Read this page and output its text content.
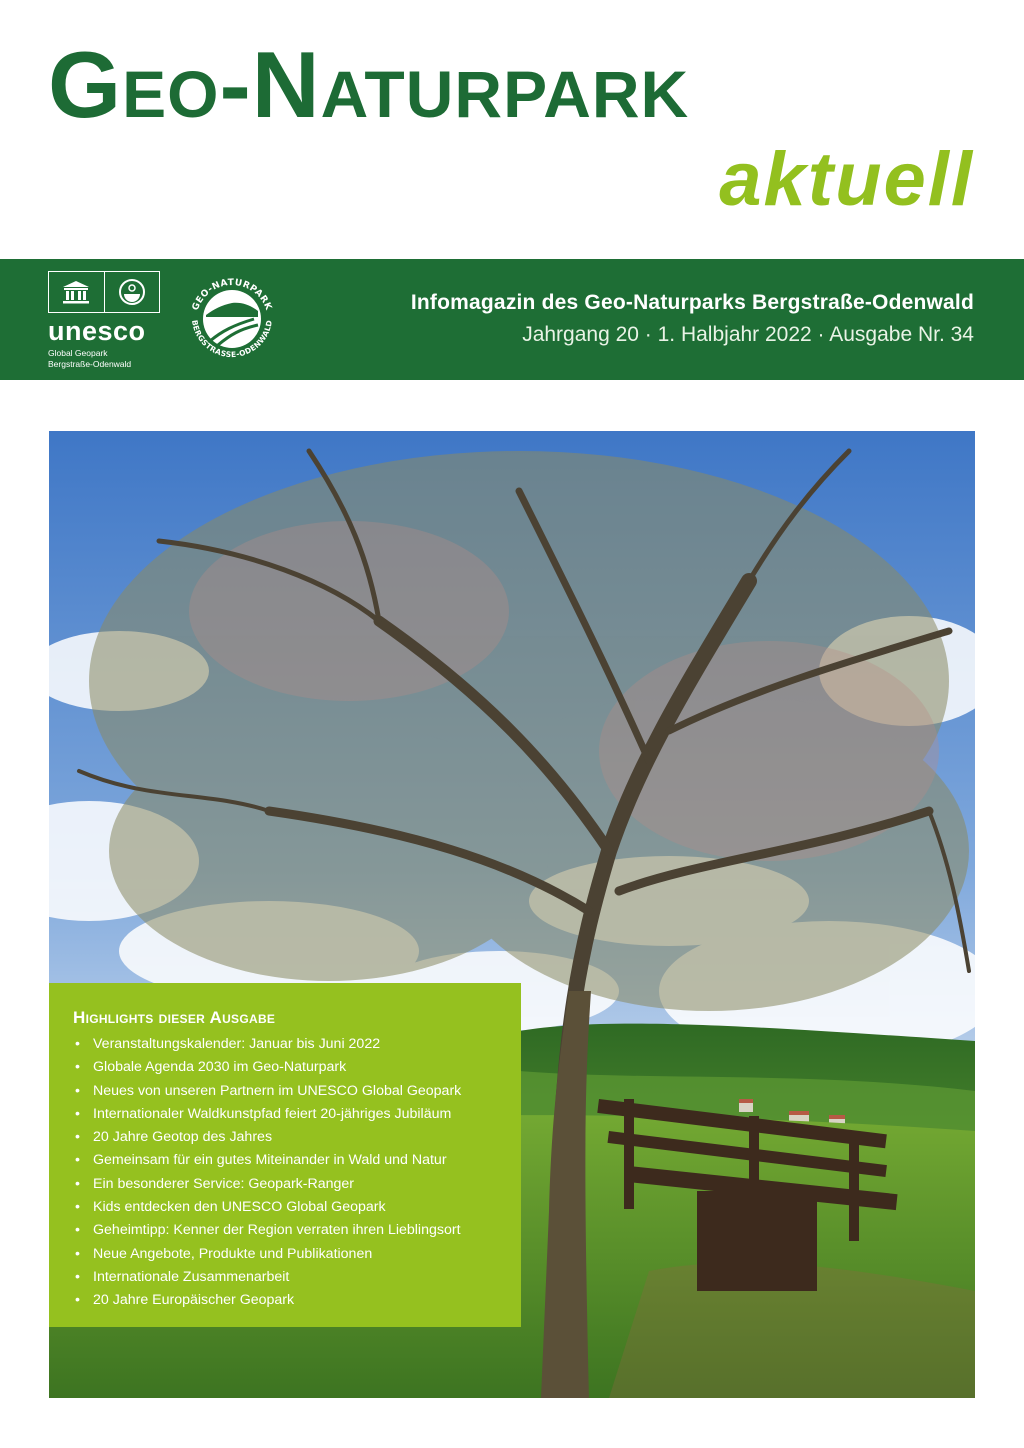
Geo-Naturpark
aktuell
unesco
Global Geopark
Bergstraße-Odenwald
GEO-NATURPARK
BERGSTRASSE-ODENWALD
Infomagazin des Geo-Naturparks Bergstraße-Odenwald
Jahrgang 20 · 1. Halbjahr 2022 · Ausgabe Nr. 34
Highlights dieser Ausgabe
• Veranstaltungskalender: Januar bis Juni 2022
• Globale Agenda 2030 im Geo-Naturpark
• Neues von unseren Partnern im UNESCO Global Geopark
• Internationaler Waldkunstpfad feiert 20-jähriges Jubiläum
• 20 Jahre Geotop des Jahres
• Gemeinsam für ein gutes Miteinander in Wald und Natur
• Ein besonderer Service: Geopark-Ranger
• Kids entdecken den UNESCO Global Geopark
• Geheimtipp: Kenner der Region verraten ihren Lieblingsort
• Neue Angebote, Produkte und Publikationen
• Internationale Zusammenarbeit
• 20 Jahre Europäischer Geopark
